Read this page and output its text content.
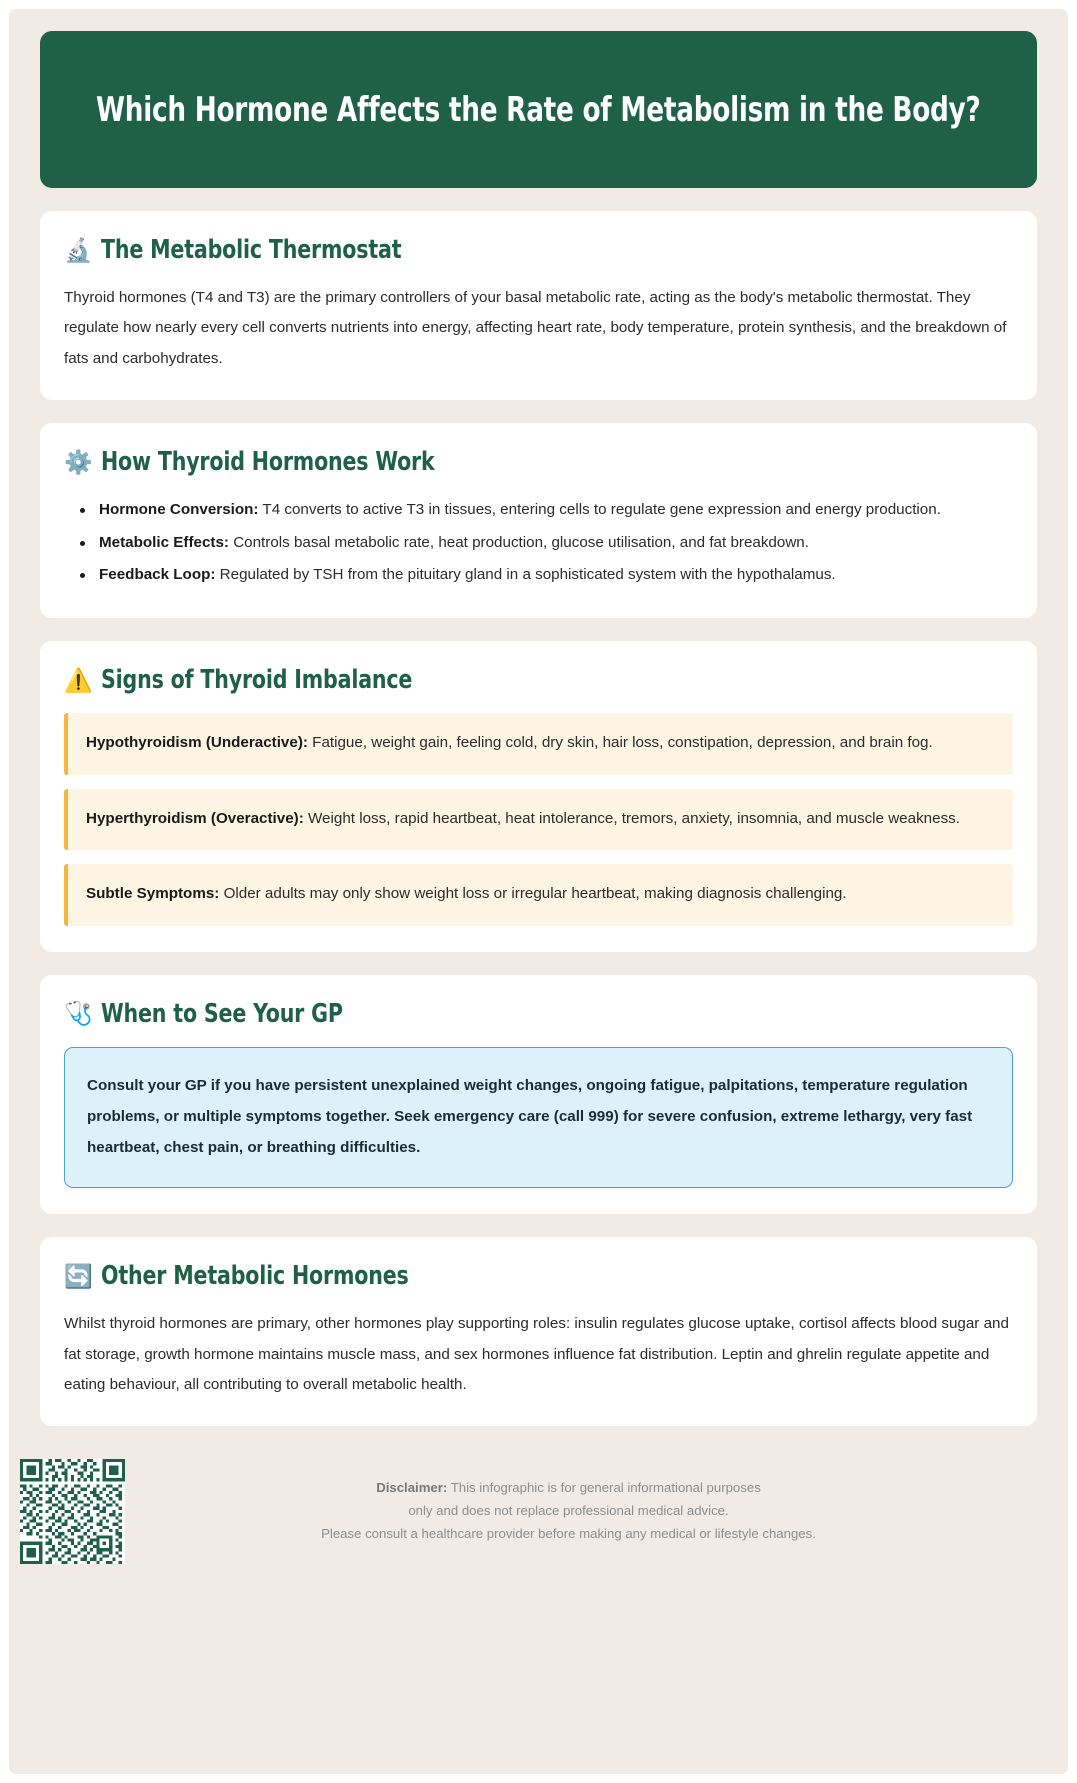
Which Hormone Affects the Rate of Metabolism in the Body?
🔬 The Metabolic Thermostat

Thyroid hormones (T4 and T3) are the primary controllers of your basal metabolic rate, acting as the body's metabolic thermostat. They regulate how nearly every cell converts nutrients into energy, affecting heart rate, body temperature, protein synthesis, and the breakdown of fats and carbohydrates.

⚙️ How Thyroid Hormones Work
Hormone Conversion: T4 converts to active T3 in tissues, entering cells to regulate gene expression and energy production.
Metabolic Effects: Controls basal metabolic rate, heat production, glucose utilisation, and fat breakdown.
Feedback Loop: Regulated by TSH from the pituitary gland in a sophisticated system with the hypothalamus.
⚠️ Signs of Thyroid Imbalance
Hypothyroidism (Underactive): Fatigue, weight gain, feeling cold, dry skin, hair loss, constipation, depression, and brain fog.
Hyperthyroidism (Overactive): Weight loss, rapid heartbeat, heat intolerance, tremors, anxiety, insomnia, and muscle weakness.
Subtle Symptoms: Older adults may only show weight loss or irregular heartbeat, making diagnosis challenging.
🩺 When to See Your GP
Consult your GP if you have persistent unexplained weight changes, ongoing fatigue, palpitations, temperature regulation problems, or multiple symptoms together. Seek emergency care (call 999) for severe confusion, extreme lethargy, very fast heartbeat, chest pain, or breathing difficulties.
🔄 Other Metabolic Hormones

Whilst thyroid hormones are primary, other hormones play supporting roles: insulin regulates glucose uptake, cortisol affects blood sugar and fat storage, growth hormone maintains muscle mass, and sex hormones influence fat distribution. Leptin and ghrelin regulate appetite and eating behaviour, all contributing to overall metabolic health.

Disclaimer: This infographic is for general informational purposes
only and does not replace professional medical advice.
Please consult a healthcare provider before making any medical or lifestyle changes.
